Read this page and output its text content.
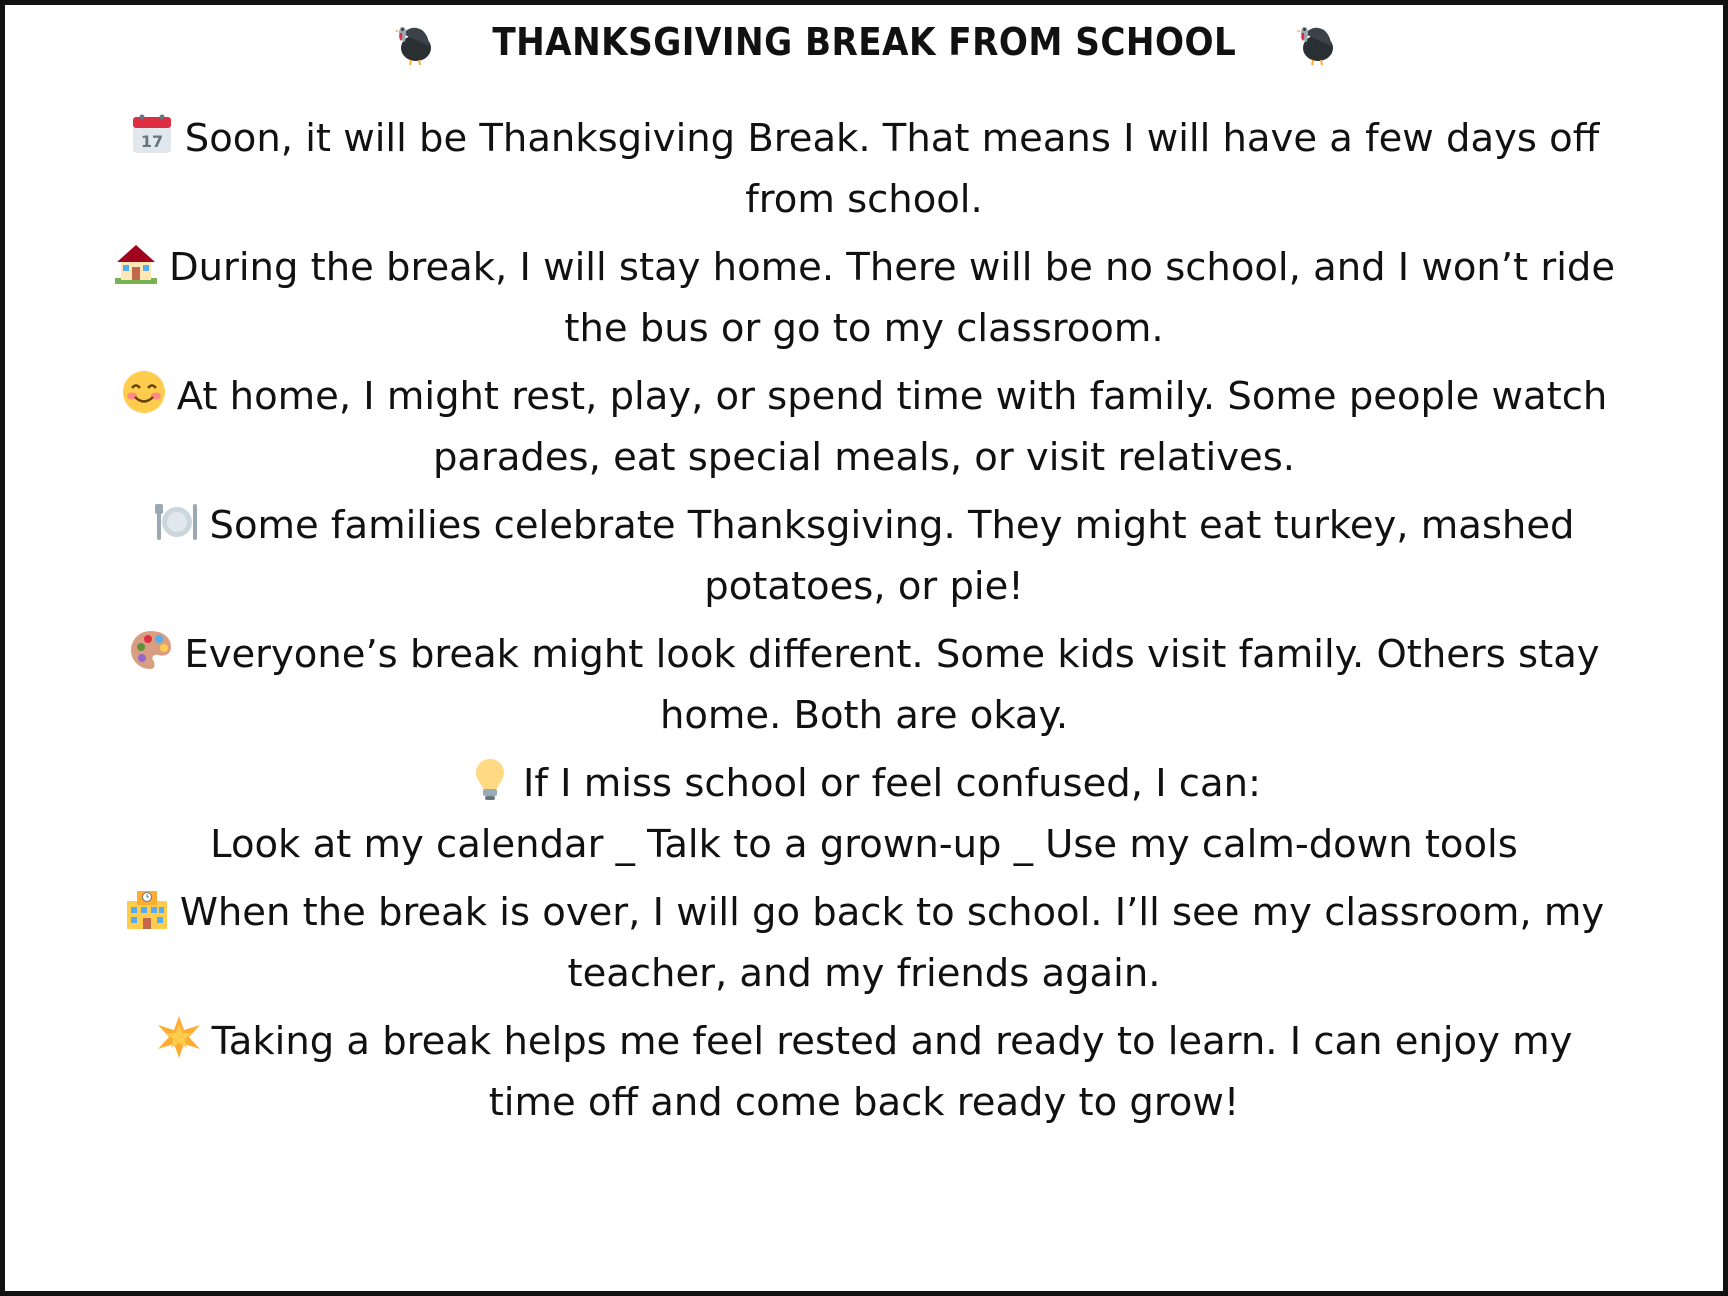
THANKSGIVING BREAK FROM SCHOOL

17 Soon, it will be Thanksgiving Break. That means I will have a few days off
from school.

During the break, I will stay home. There will be no school, and I won’t ride
the bus or go to my classroom.

At home, I might rest, play, or spend time with family. Some people watch
parades, eat special meals, or visit relatives.

Some families celebrate Thanksgiving. They might eat turkey, mashed
potatoes, or pie!

Everyone’s break might look different. Some kids visit family. Others stay
home. Both are okay.

If I miss school or feel confused, I can:
Look at my calendar _ Talk to a grown-up _ Use my calm-down tools

When the break is over, I will go back to school. I’ll see my classroom, my
teacher, and my friends again.

Taking a break helps me feel rested and ready to learn. I can enjoy my
time off and come back ready to grow!
